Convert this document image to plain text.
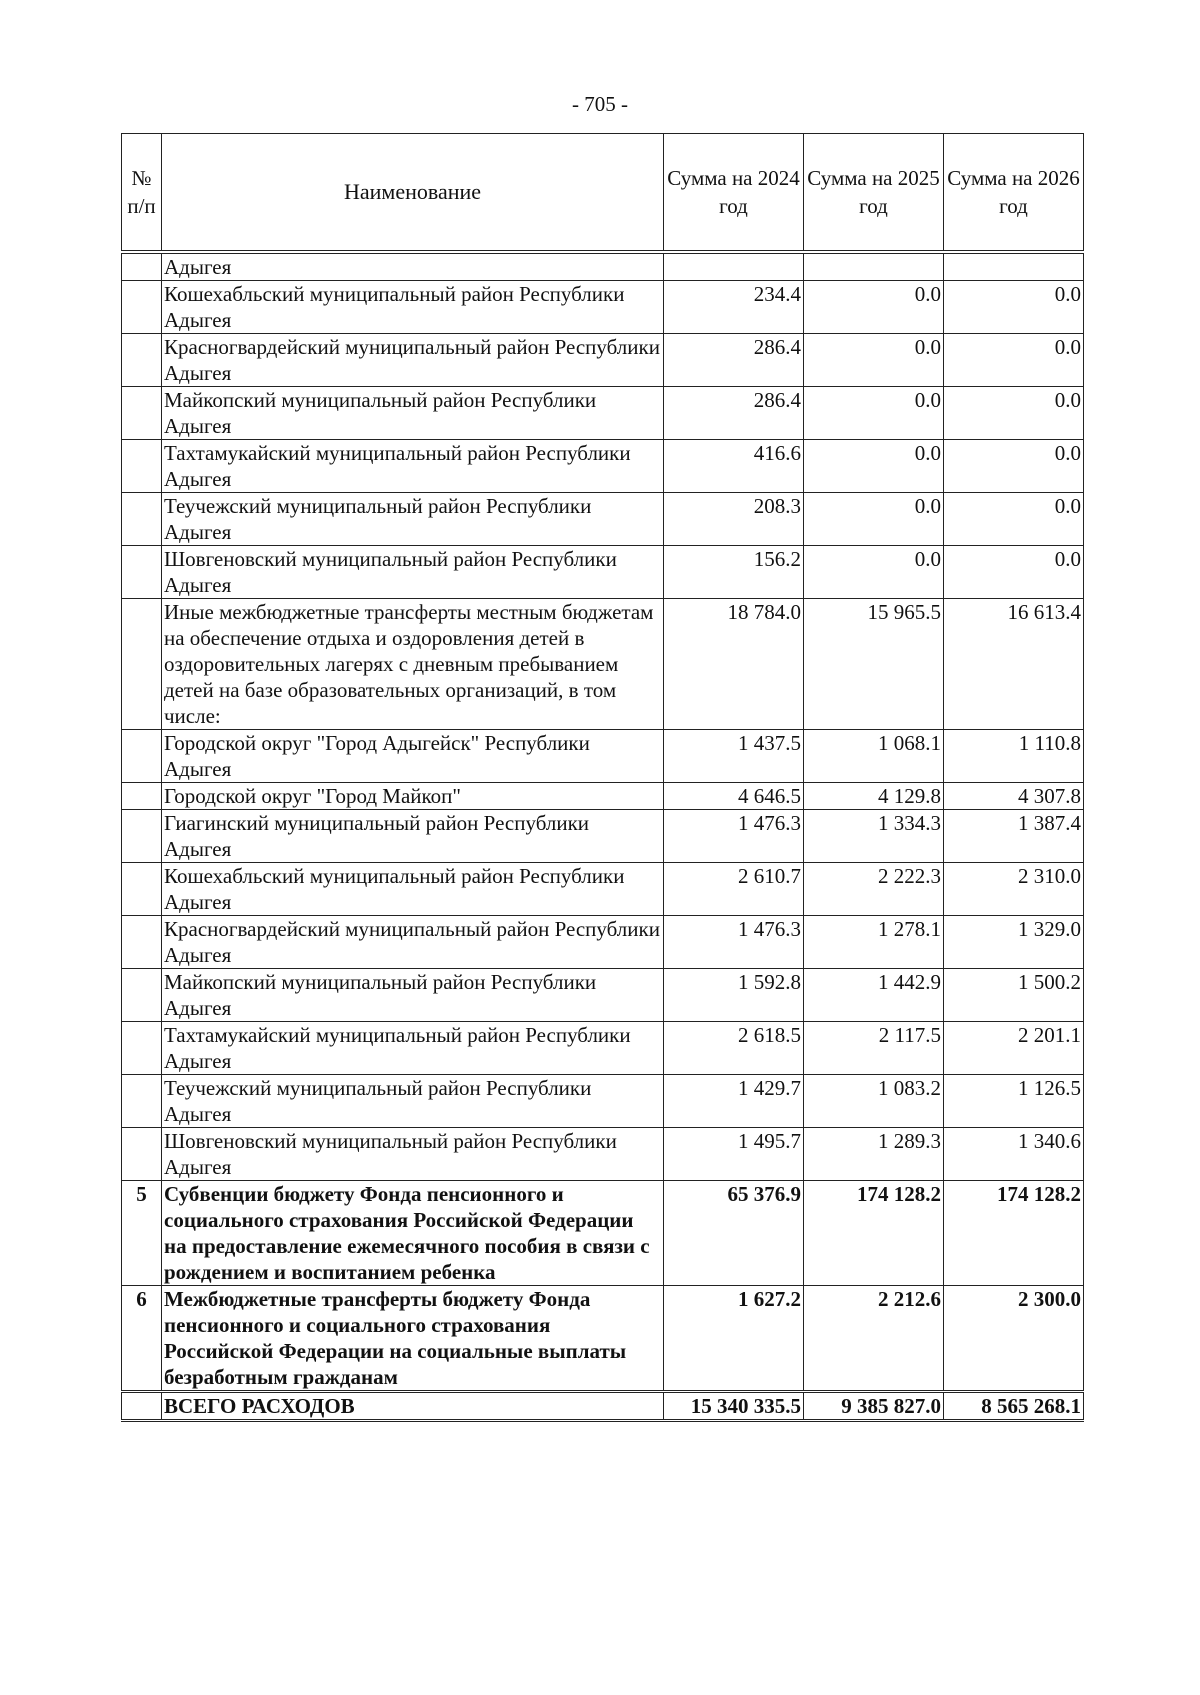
- 705 -
№ п/п	Наименование	Сумма на 2024 год	Сумма на 2025 год	Сумма на 2026 год
	Адыгея			
	Кошехабльский муниципальный район Республики Адыгея	234.4	0.0	0.0
	Красногвардейский муниципальный район Республики Адыгея	286.4	0.0	0.0
	Майкопский муниципальный район Республики Адыгея	286.4	0.0	0.0
	Тахтамукайский муниципальный район Республики Адыгея	416.6	0.0	0.0
	Теучежский муниципальный район Республики Адыгея	208.3	0.0	0.0
	Шовгеновский муниципальный район Республики Адыгея	156.2	0.0	0.0
	Иные межбюджетные трансферты местным бюджетам на обеспечение отдыха и оздоровления детей в оздоровительных лагерях с дневным пребыванием детей на базе образовательных организаций, в том числе:	18 784.0	15 965.5	16 613.4
	Городской округ "Город Адыгейск" Республики Адыгея	1 437.5	1 068.1	1 110.8
	Городской округ "Город Майкоп"	4 646.5	4 129.8	4 307.8
	Гиагинский муниципальный район Республики Адыгея	1 476.3	1 334.3	1 387.4
	Кошехабльский муниципальный район Республики Адыгея	2 610.7	2 222.3	2 310.0
	Красногвардейский муниципальный район Республики Адыгея	1 476.3	1 278.1	1 329.0
	Майкопский муниципальный район Республики Адыгея	1 592.8	1 442.9	1 500.2
	Тахтамукайский муниципальный район Республики Адыгея	2 618.5	2 117.5	2 201.1
	Теучежский муниципальный район Республики Адыгея	1 429.7	1 083.2	1 126.5
	Шовгеновский муниципальный район Республики Адыгея	1 495.7	1 289.3	1 340.6
5	Субвенции бюджету Фонда пенсионного и социального страхования Российской Федерации на предоставление ежемесячного пособия в связи с рождением и воспитанием ребенка	65 376.9	174 128.2	174 128.2
6	Межбюджетные трансферты бюджету Фонда пенсионного и социального страхования Российской Федерации на социальные выплаты безработным гражданам	1 627.2	2 212.6	2 300.0
	ВСЕГО РАСХОДОВ	15 340 335.5	9 385 827.0	8 565 268.1
